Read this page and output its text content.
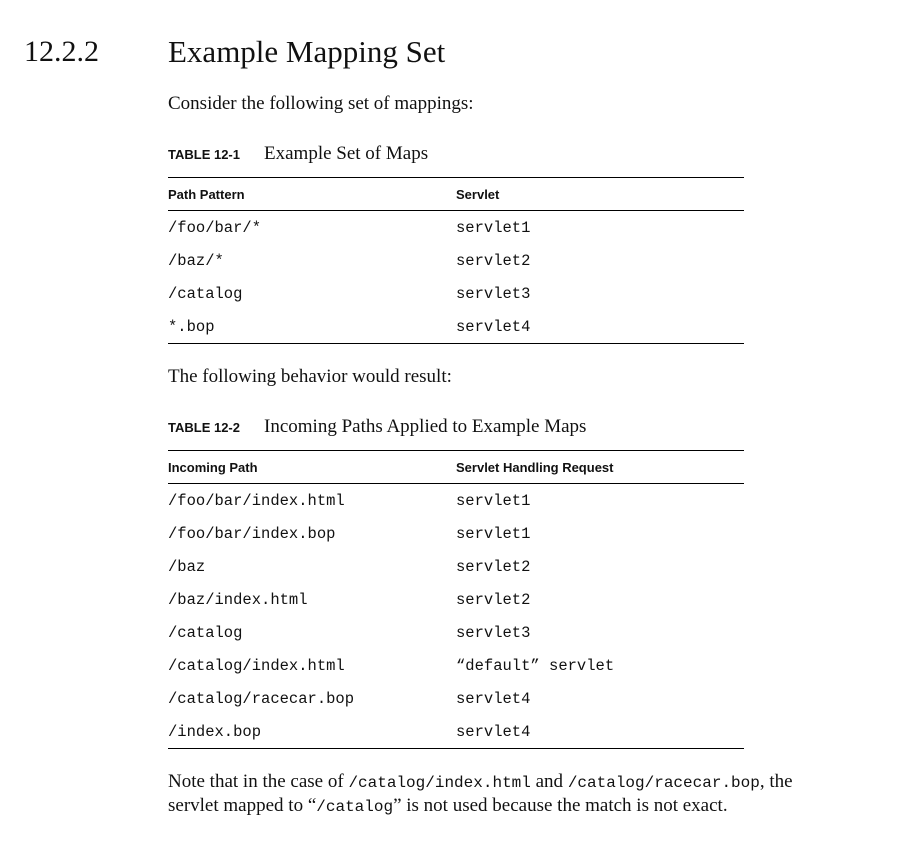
12.2.2 Example Mapping Set
Consider the following set of mappings:
TABLE 12-1 Example Set of Maps
Path Pattern	Servlet
/foo/bar/*	servlet1
/baz/*	servlet2
/catalog	servlet3
*.bop	servlet4
The following behavior would result:
TABLE 12-2 Incoming Paths Applied to Example Maps
Incoming Path	Servlet Handling Request
/foo/bar/index.html	servlet1
/foo/bar/index.bop	servlet1
/baz	servlet2
/baz/index.html	servlet2
/catalog	servlet3
/catalog/index.html	“default” servlet
/catalog/racecar.bop	servlet4
/index.bop	servlet4
Note that in the case of /catalog/index.html and /catalog/racecar.bop, the
servlet mapped to “/catalog” is not used because the match is not exact.
